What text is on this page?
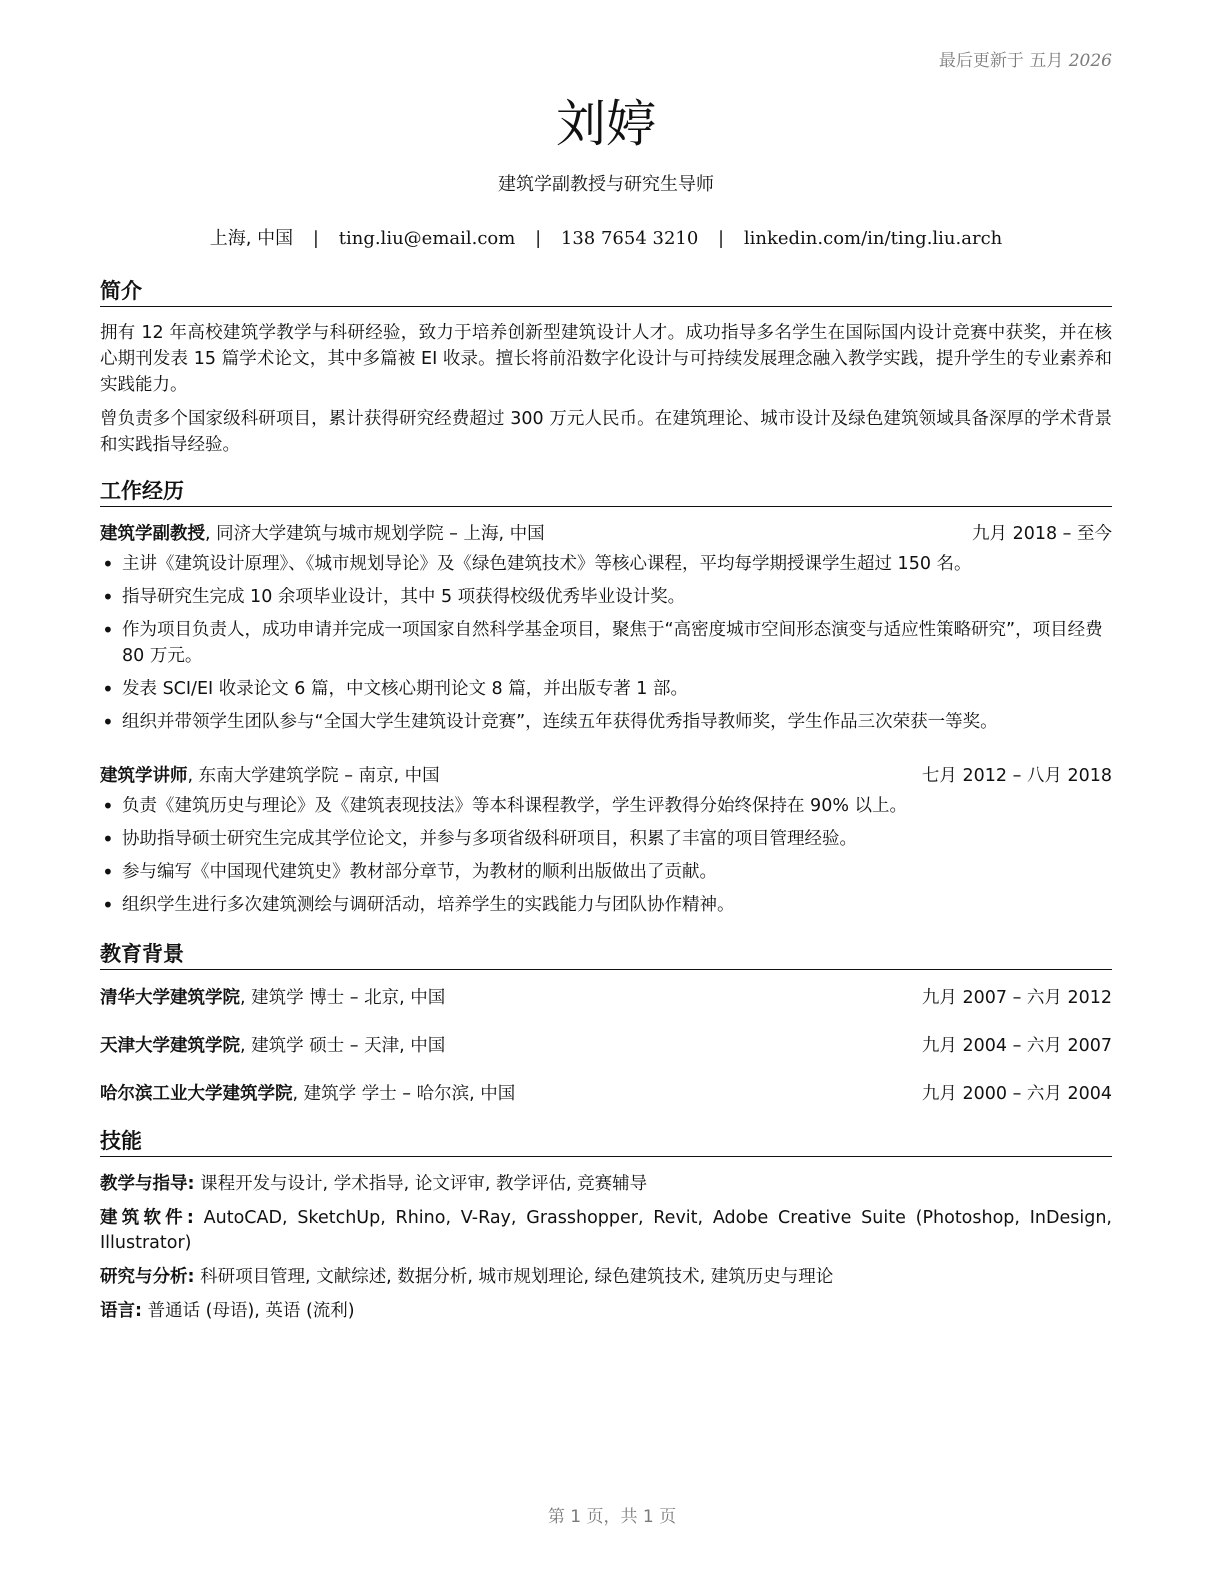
最后更新于 五月 2026
刘婷
建筑学副教授与研究生导师
上海, 中国 | ting.liu@email.com | 138 7654 3210 | linkedin.com/in/ting.liu.arch
简介

拥有 12 年高校建筑学教学与科研经验，致力于培养创新型建筑设计人才。成功指导多名学生在国际国内设计竞赛中获奖，并在核心期刊发表 15 篇学术论文，其中多篇被 EI 收录。擅长将前沿数字化设计与可持续发展理念融入教学实践，提升学生的专业素养和实践能力。

曾负责多个国家级科研项目，累计获得研究经费超过 300 万元人民币。在建筑理论、城市设计及绿色建筑领域具备深厚的学术背景和实践指导经验。

工作经历
建筑学副教授, 同济大学建筑与城市规划学院 – 上海, 中国	九月 2018 – 至今
• 主讲《建筑设计原理》、《城市规划导论》及《绿色建筑技术》等核心课程，平均每学期授课学生超过 150 名。
• 指导研究生完成 10 余项毕业设计，其中 5 项获得校级优秀毕业设计奖。
• 作为项目负责人，成功申请并完成一项国家自然科学基金项目，聚焦于“高密度城市空间形态演变与适应性策略研究”，项目经费 80 万元。
• 发表 SCI/EI 收录论文 6 篇，中文核心期刊论文 8 篇，并出版专著 1 部。
• 组织并带领学生团队参与“全国大学生建筑设计竞赛”，连续五年获得优秀指导教师奖，学生作品三次荣获一等奖。
建筑学讲师, 东南大学建筑学院 – 南京, 中国	七月 2012 – 八月 2018
• 负责《建筑历史与理论》及《建筑表现技法》等本科课程教学，学生评教得分始终保持在 90% 以上。
• 协助指导硕士研究生完成其学位论文，并参与多项省级科研项目，积累了丰富的项目管理经验。
• 参与编写《中国现代建筑史》教材部分章节，为教材的顺利出版做出了贡献。
• 组织学生进行多次建筑测绘与调研活动，培养学生的实践能力与团队协作精神。
教育背景
清华大学建筑学院, 建筑学 博士 – 北京, 中国	九月 2007 – 六月 2012
天津大学建筑学院, 建筑学 硕士 – 天津, 中国	九月 2004 – 六月 2007
哈尔滨工业大学建筑学院, 建筑学 学士 – 哈尔滨, 中国	九月 2000 – 六月 2004
技能
教学与指导: 课程开发与设计, 学术指导, 论文评审, 教学评估, 竞赛辅导
建筑软件: AutoCAD, SketchUp, Rhino, V-Ray, Grasshopper, Revit, Adobe Creative Suite (Photoshop, InDesign, Illustrator)
研究与分析: 科研项目管理, 文献综述, 数据分析, 城市规划理论, 绿色建筑技术, 建筑历史与理论
语言: 普通话 (母语), 英语 (流利)
第 1 页，共 1 页
